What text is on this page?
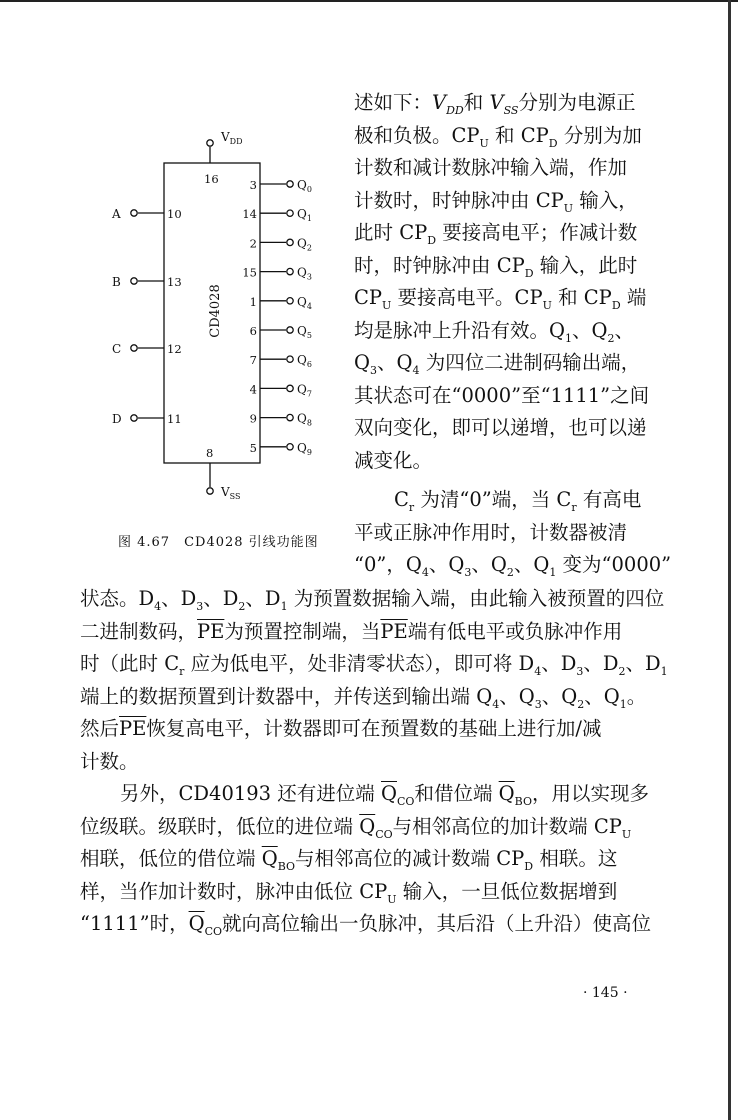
CD4028
$V_{DD}$
16
$V_{SS}$
8
A	10
B	13
C	12
D	11
3	$Q_0$
14	$Q_1$
2	$Q_2$
15	$Q_3$
1	$Q_4$
6	$Q_5$
7	$Q_6$
4	$Q_7$
9	$Q_8$
5	$Q_9$
图 4.67　CD4028 引线功能图

述如下：$V_{DD}$和 $V_{SS}$分别为电源正
极和负极。$CP_U$ 和 $CP_D$ 分别为加
计数和减计数脉冲输入端，作加
计数时，时钟脉冲由 $CP_U$ 输入，
此时 $CP_D$ 要接高电平；作减计数
时，时钟脉冲由 $CP_D$ 输入，此时
$CP_U$ 要接高电平。$CP_U$ 和 $CP_D$ 端
均是脉冲上升沿有效。$Q_1$、$Q_2$、
$Q_3$、$Q_4$ 为四位二进制码输出端，
其状态可在“0000”至“1111”之间
双向变化，即可以递增，也可以递
减变化。

$C_r$ 为清“0”端，当 $C_r$ 有高电
平或正脉冲作用时，计数器被清
“0”，$Q_4$、$Q_3$、$Q_2$、$Q_1$ 变为“0000”

状态。$D_4$、$D_3$、$D_2$、$D_1$ 为预置数据输入端，由此输入被预置的四位
二进制数码，$\overline{PE}$为预置控制端，当$\overline{PE}$端有低电平或负脉冲作用
时（此时 $C_r$ 应为低电平，处非清零状态），即可将 $D_4$、$D_3$、$D_2$、$D_1$
端上的数据预置到计数器中，并传送到输出端 $Q_4$、$Q_3$、$Q_2$、$Q_1$。
然后$\overline{PE}$恢复高电平，计数器即可在预置数的基础上进行加/减
计数。
另外，CD40193 还有进位端 $\overline{Q}_{CO}$和借位端 $\overline{Q}_{BO}$，用以实现多
位级联。级联时，低位的进位端 $\overline{Q}_{CO}$与相邻高位的加计数端 $CP_U$
相联，低位的借位端 $\overline{Q}_{BO}$与相邻高位的减计数端 $CP_D$ 相联。这
样，当作加计数时，脉冲由低位 $CP_U$ 输入，一旦低位数据增到
“1111”时，$\overline{Q}_{CO}$就向高位输出一负脉冲，其后沿（上升沿）使高位

· 145 ·
